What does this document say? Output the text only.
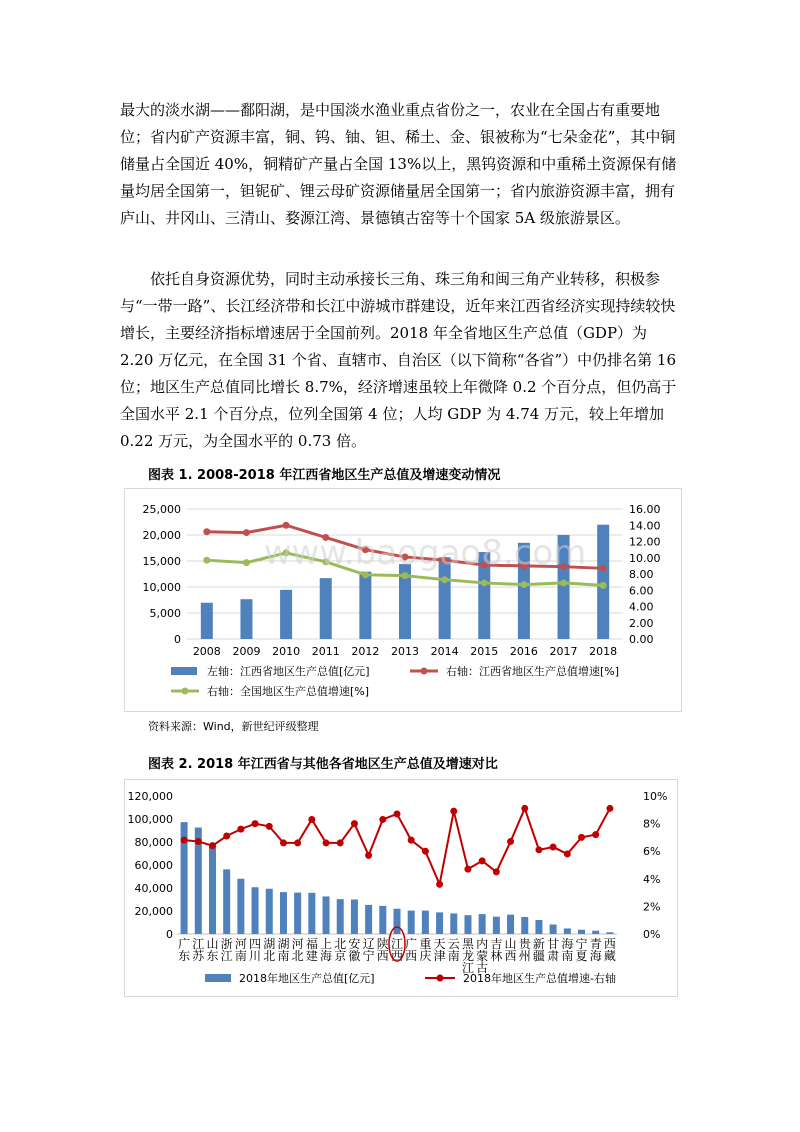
最大的淡水湖——鄱阳湖，是中国淡水渔业重点省份之一，农业在全国占有重要地位；省内矿产资源丰富，铜、钨、铀、钽、稀土、金、银被称为“七朵金花”，其中铜储量占全国近 40%，铜精矿产量占全国 13%以上，黑钨资源和中重稀土资源保有储量均居全国第一，钽铌矿、锂云母矿资源储量居全国第一；省内旅游资源丰富，拥有庐山、井冈山、三清山、婺源江湾、景德镇古窑等十个国家 5A 级旅游景区。

依托自身资源优势，同时主动承接长三角、珠三角和闽三角产业转移，积极参与“一带一路”、长江经济带和长江中游城市群建设，近年来江西省经济实现持续较快增长，主要经济指标增速居于全国前列。2018 年全省地区生产总值（GDP）为 2.20 万亿元，在全国 31 个省、直辖市、自治区（以下简称“各省”）中仍排名第 16 位；地区生产总值同比增长 8.7%，经济增速虽较上年微降 0.2 个百分点，但仍高于全国水平 2.1 个百分点，位列全国第 4 位；人均 GDP 为 4.74 万元，较上年增加 0.22 万元，为全国水平的 0.73 倍。

图表 1. 2008-2018 年江西省地区生产总值及增速变动情况
0
5,000
10,000
15,000
20,000
25,000
0.00
2.00
4.00
6.00
8.00
10.00
12.00
14.00
16.00
2008 2009 2010 2011 2012 2013 2014 2015 2016 2017 2018
www.baogao8.com
左轴：江西省地区生产总值[亿元]	右轴：江西省地区生产总值增速[%]
右轴：全国地区生产总值增速[%]
资料来源：Wind，新世纪评级整理
图表 2. 2018 年江西省与其他各省地区生产总值及增速对比
0
20,000
40,000
60,000
80,000
100,000
120,000
0%
2%
4%
6%
8%
10%
广东
江苏
山东
浙江
河南
四川
湖北
湖南
河北
福建
上海
北京
安徽
辽宁
陕西
江西
广西
重庆
天津
云南
黑龙江
内蒙古
吉林
山西
贵州
新疆
甘肃
海南
宁夏
青海
西藏
2018年地区生产总值[亿元]	2018年地区生产总值增速-右轴
